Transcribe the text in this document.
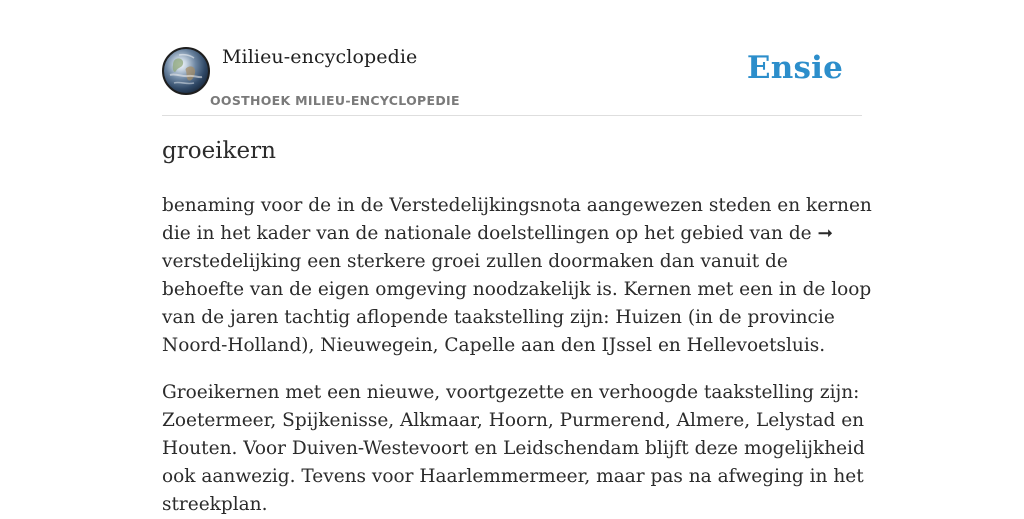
Milieu-encyclopedie
OOSTHOEK MILIEU-ENCYCLOPEDIE
Ensie
groeikern

benaming voor de in de Verstedelijkingsnota aangewezen steden en kernen die in het kader van de nationale doelstellingen op het gebied van de ➞ verstedelijking een sterkere groei zullen doormaken dan vanuit de behoefte van de eigen omgeving noodzakelijk is. Kernen met een in de loop van de jaren tachtig aflopende taakstelling zijn: Huizen (in de provincie Noord-Holland), Nieuwegein, Capelle aan den IJssel en Hellevoetsluis.

Groeikernen met een nieuwe, voortgezette en verhoogde taakstelling zijn: Zoetermeer, Spijkenisse, Alkmaar, Hoorn, Purmerend, Almere, Lelystad en Houten. Voor Duiven-Westevoort en Leidschendam blijft deze mogelijkheid ook aanwezig. Tevens voor Haarlemmermeer, maar pas na afweging in het streekplan.
